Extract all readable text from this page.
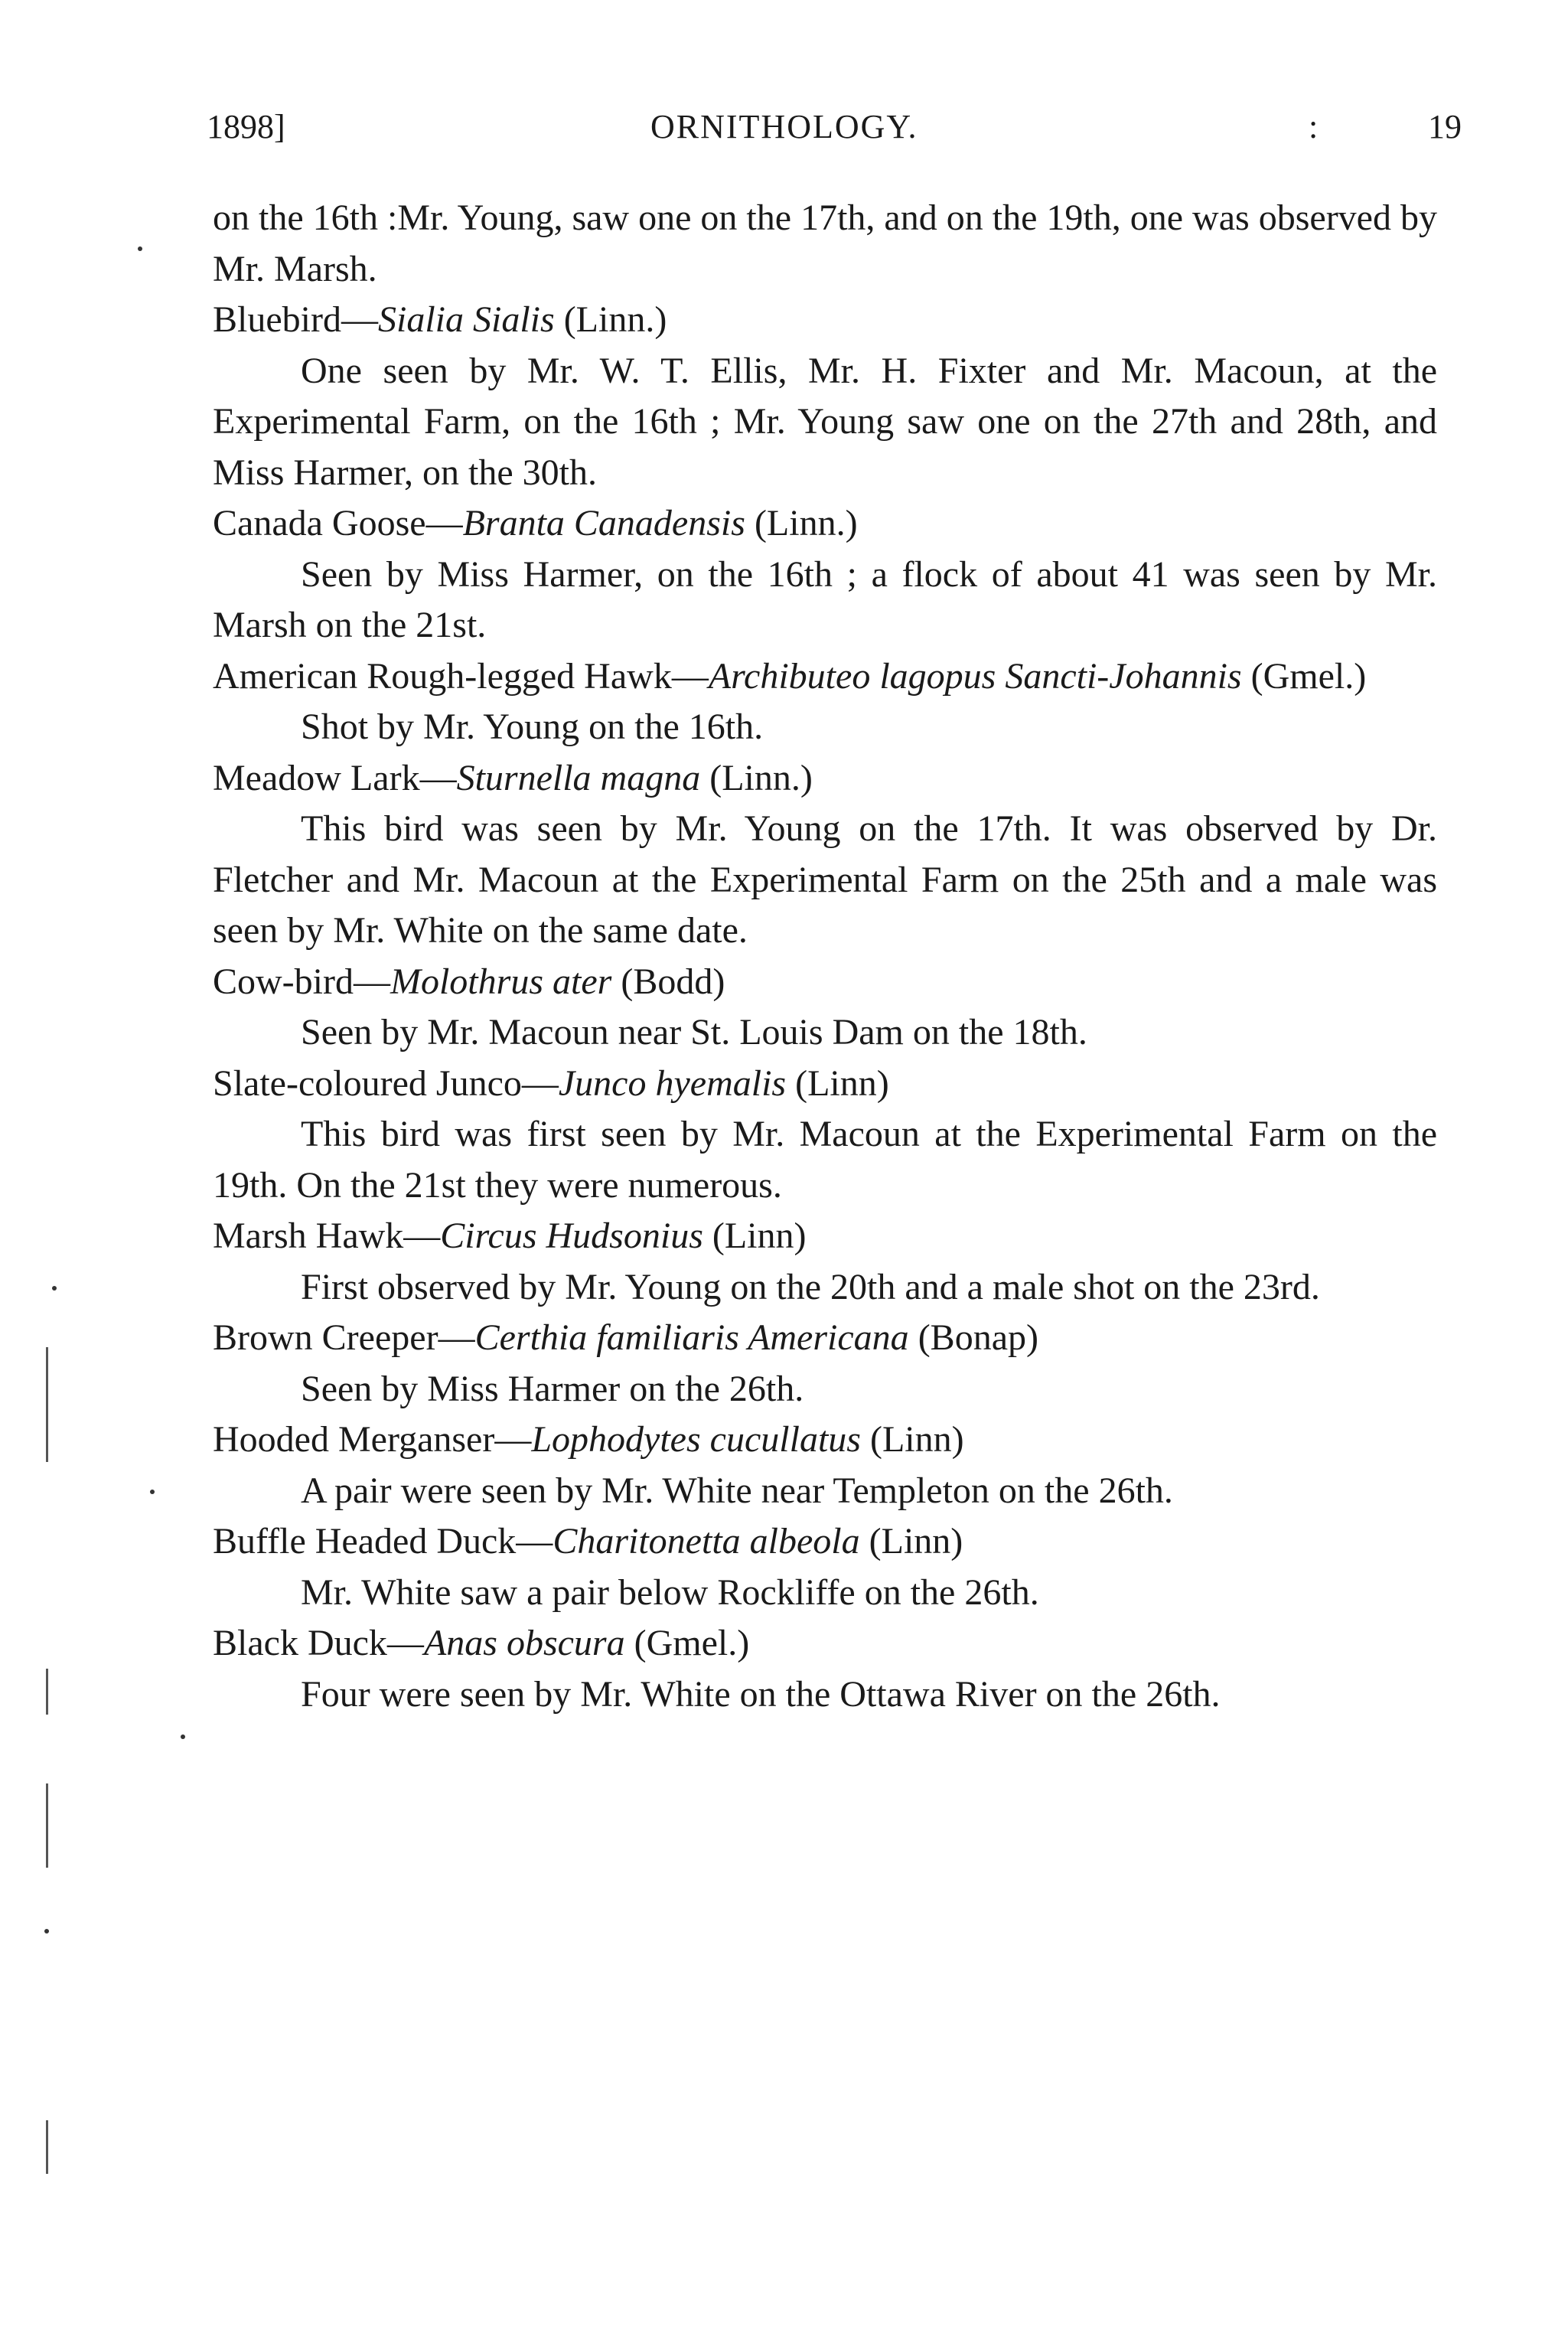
1898]	ORNITHOLOGY.	:	19

on the 16th :Mr. Young, saw one on the 17th, and on the 19th, one was observed by Mr. Marsh.

Bluebird—Sialia Sialis (Linn.)

One seen by Mr. W. T. Ellis, Mr. H. Fixter and Mr. Macoun, at the Experimental Farm, on the 16th ; Mr. Young saw one on the 27th and 28th, and Miss Harmer, on the 30th.

Canada Goose—Branta Canadensis (Linn.)

Seen by Miss Harmer, on the 16th ; a flock of about 41 was seen by Mr. Marsh on the 21st.

American Rough-legged Hawk—Archibuteo lagopus Sancti-Johannis (Gmel.)

Shot by Mr. Young on the 16th.

Meadow Lark—Sturnella magna (Linn.)

This bird was seen by Mr. Young on the 17th. It was observed by Dr. Fletcher and Mr. Macoun at the Experimental Farm on the 25th and a male was seen by Mr. White on the same date.

Cow-bird—Molothrus ater (Bodd)

Seen by Mr. Macoun near St. Louis Dam on the 18th.

Slate-coloured Junco—Junco hyemalis (Linn)

This bird was first seen by Mr. Macoun at the Experimental Farm on the 19th. On the 21st they were numerous.

Marsh Hawk—Circus Hudsonius (Linn)

First observed by Mr. Young on the 20th and a male shot on the 23rd.

Brown Creeper—Certhia familiaris Americana (Bonap)

Seen by Miss Harmer on the 26th.

Hooded Merganser—Lophodytes cucullatus (Linn)

A pair were seen by Mr. White near Templeton on the 26th.

Buffle Headed Duck—Charitonetta albeola (Linn)

Mr. White saw a pair below Rockliffe on the 26th.

Black Duck—Anas obscura (Gmel.)

Four were seen by Mr. White on the Ottawa River on the 26th.
